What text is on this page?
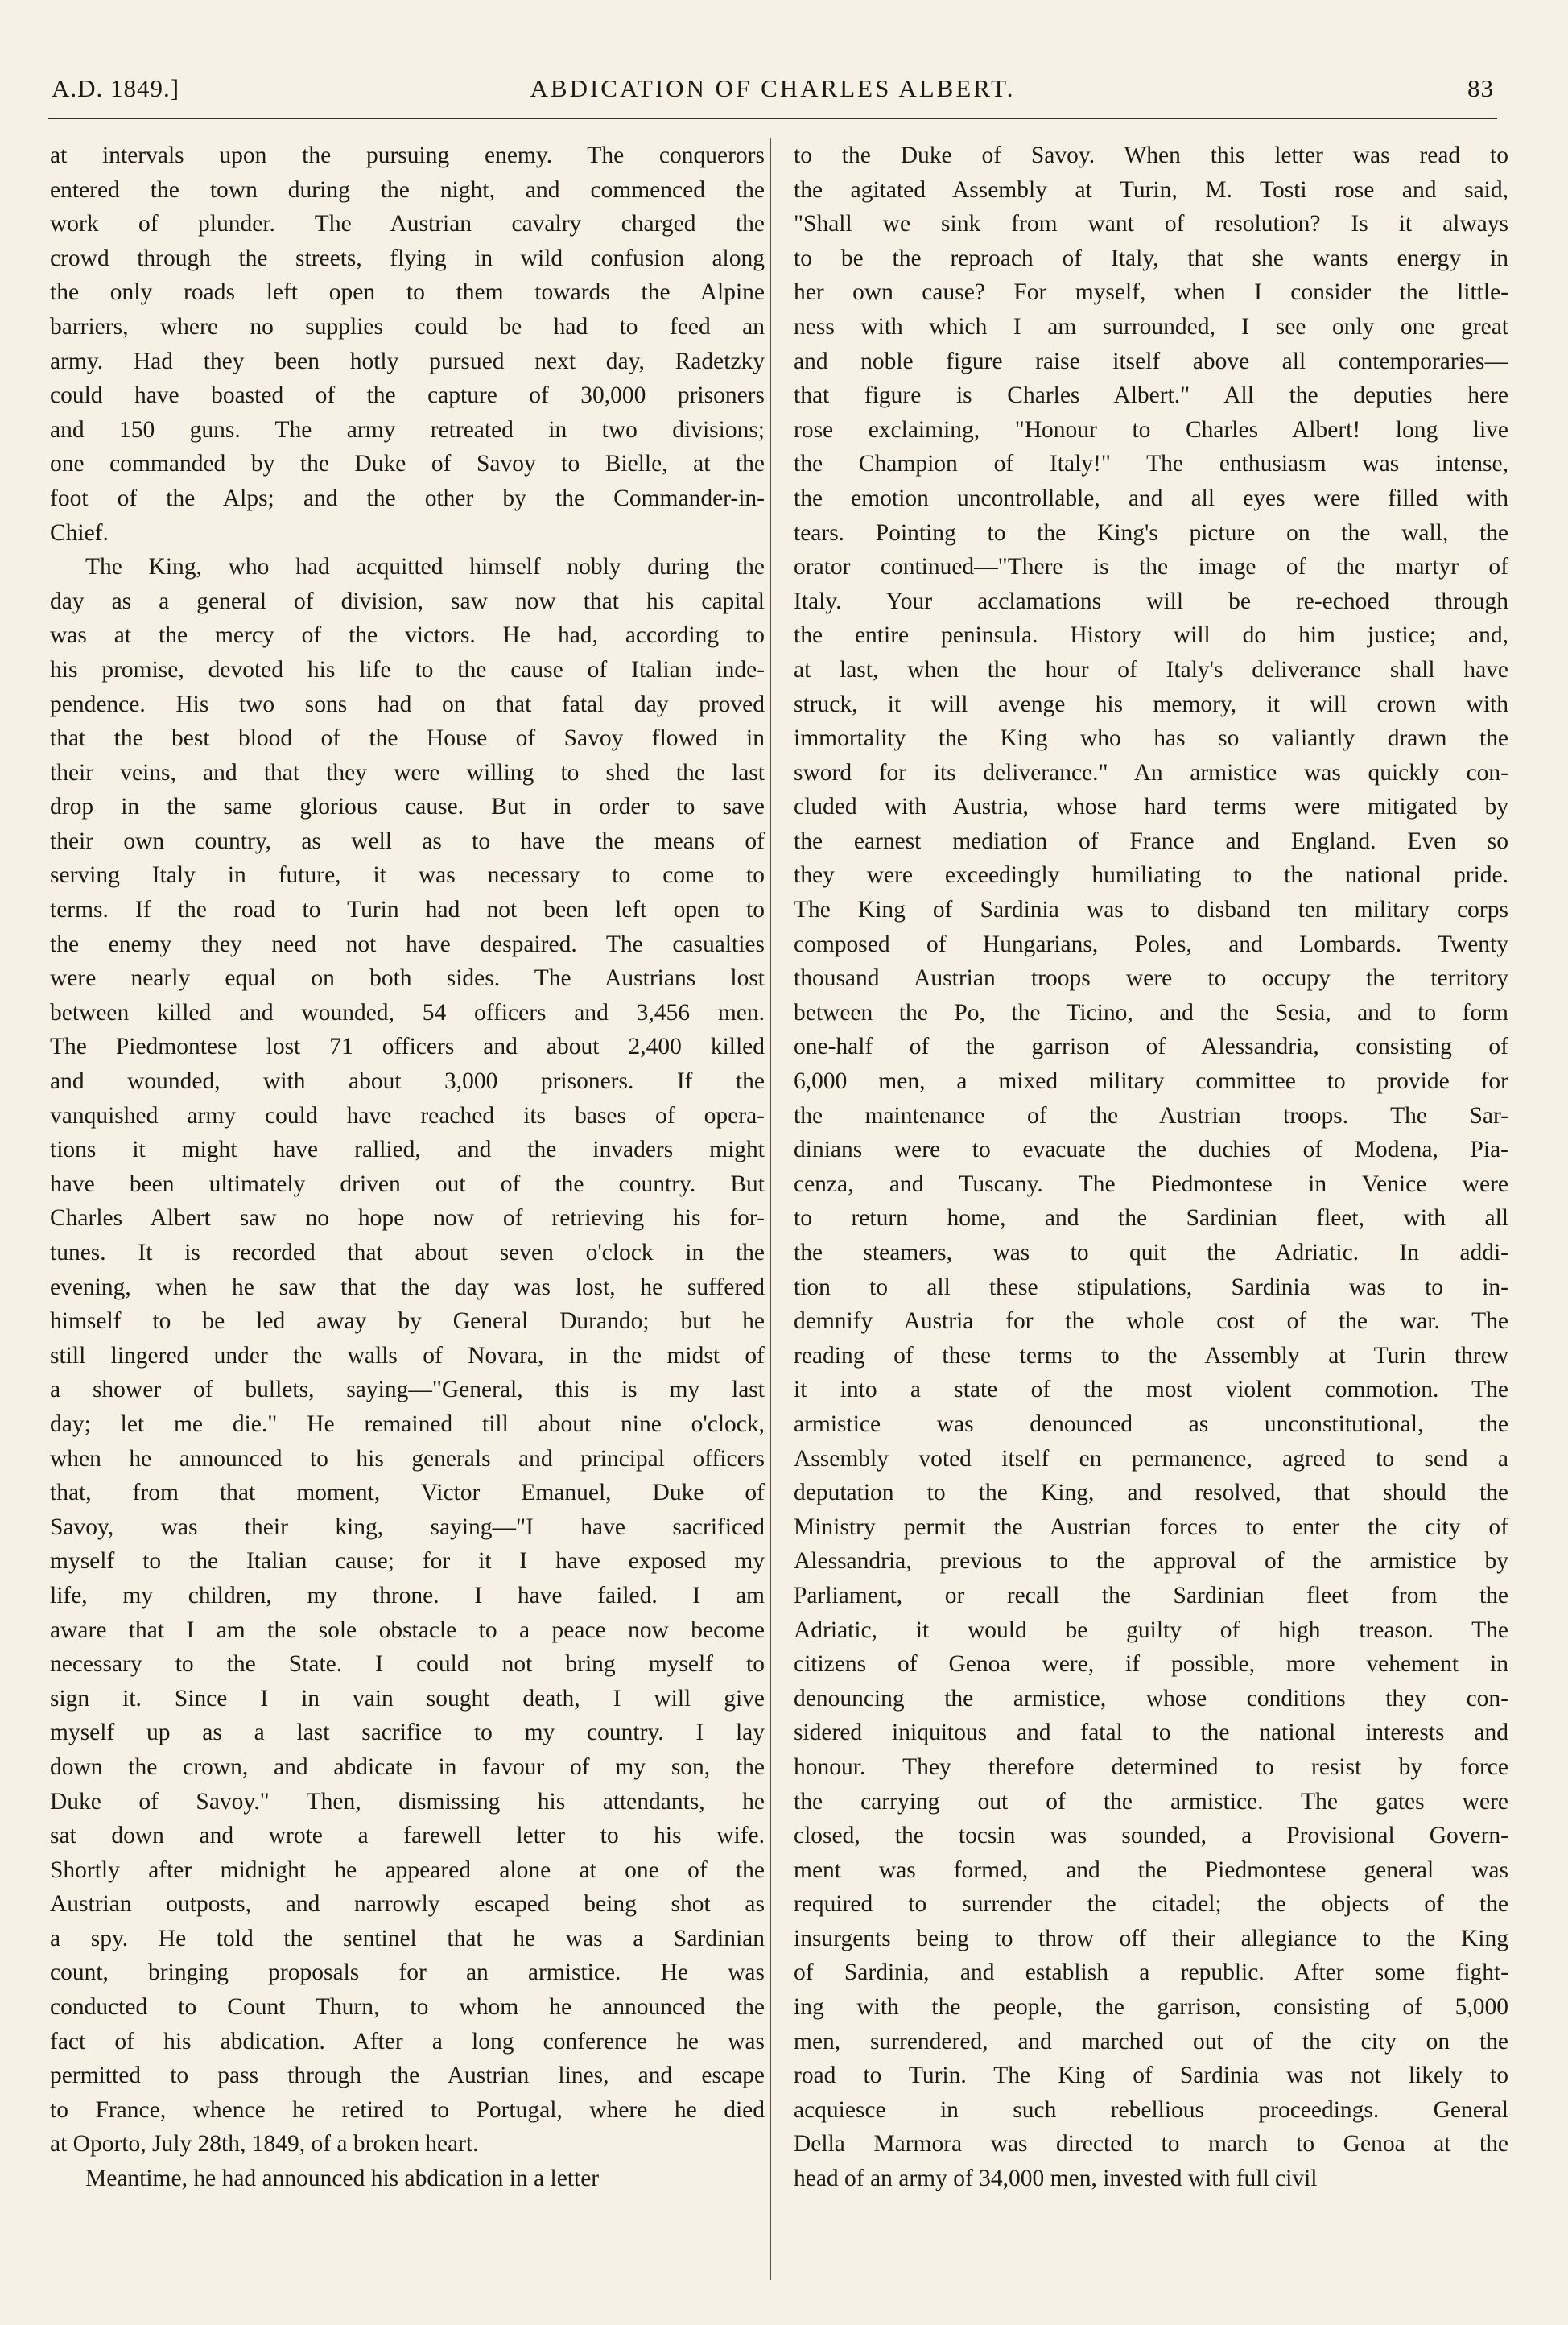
A.D. 1849.]	ABDICATION OF CHARLES ALBERT.	83
at intervals upon the pursuing enemy. The conquerors
entered the town during the night, and commenced the
work of plunder. The Austrian cavalry charged the
crowd through the streets, flying in wild confusion along
the only roads left open to them towards the Alpine
barriers, where no supplies could be had to feed an
army. Had they been hotly pursued next day, Radetzky
could have boasted of the capture of 30,000 prisoners
and 150 guns. The army retreated in two divisions;
one commanded by the Duke of Savoy to Bielle, at the
foot of the Alps; and the other by the Commander-in-
Chief.
The King, who had acquitted himself nobly during the
day as a general of division, saw now that his capital
was at the mercy of the victors. He had, according to
his promise, devoted his life to the cause of Italian inde-
pendence. His two sons had on that fatal day proved
that the best blood of the House of Savoy flowed in
their veins, and that they were willing to shed the last
drop in the same glorious cause. But in order to save
their own country, as well as to have the means of
serving Italy in future, it was necessary to come to
terms. If the road to Turin had not been left open to
the enemy they need not have despaired. The casualties
were nearly equal on both sides. The Austrians lost
between killed and wounded, 54 officers and 3,456 men.
The Piedmontese lost 71 officers and about 2,400 killed
and wounded, with about 3,000 prisoners. If the
vanquished army could have reached its bases of opera-
tions it might have rallied, and the invaders might
have been ultimately driven out of the country. But
Charles Albert saw no hope now of retrieving his for-
tunes. It is recorded that about seven o'clock in the
evening, when he saw that the day was lost, he suffered
himself to be led away by General Durando; but he
still lingered under the walls of Novara, in the midst of
a shower of bullets, saying—"General, this is my last
day; let me die." He remained till about nine o'clock,
when he announced to his generals and principal officers
that, from that moment, Victor Emanuel, Duke of
Savoy, was their king, saying—"I have sacrificed
myself to the Italian cause; for it I have exposed my
life, my children, my throne. I have failed. I am
aware that I am the sole obstacle to a peace now become
necessary to the State. I could not bring myself to
sign it. Since I in vain sought death, I will give
myself up as a last sacrifice to my country. I lay
down the crown, and abdicate in favour of my son, the
Duke of Savoy." Then, dismissing his attendants, he
sat down and wrote a farewell letter to his wife.
Shortly after midnight he appeared alone at one of the
Austrian outposts, and narrowly escaped being shot as
a spy. He told the sentinel that he was a Sardinian
count, bringing proposals for an armistice. He was
conducted to Count Thurn, to whom he announced the
fact of his abdication. After a long conference he was
permitted to pass through the Austrian lines, and escape
to France, whence he retired to Portugal, where he died
at Oporto, July 28th, 1849, of a broken heart.
Meantime, he had announced his abdication in a letter
to the Duke of Savoy. When this letter was read to
the agitated Assembly at Turin, M. Tosti rose and said,
"Shall we sink from want of resolution? Is it always
to be the reproach of Italy, that she wants energy in
her own cause? For myself, when I consider the little-
ness with which I am surrounded, I see only one great
and noble figure raise itself above all contemporaries—
that figure is Charles Albert." All the deputies here
rose exclaiming, "Honour to Charles Albert! long live
the Champion of Italy!" The enthusiasm was intense,
the emotion uncontrollable, and all eyes were filled with
tears. Pointing to the King's picture on the wall, the
orator continued—"There is the image of the martyr of
Italy. Your acclamations will be re-echoed through
the entire peninsula. History will do him justice; and,
at last, when the hour of Italy's deliverance shall have
struck, it will avenge his memory, it will crown with
immortality the King who has so valiantly drawn the
sword for its deliverance." An armistice was quickly con-
cluded with Austria, whose hard terms were mitigated by
the earnest mediation of France and England. Even so
they were exceedingly humiliating to the national pride.
The King of Sardinia was to disband ten military corps
composed of Hungarians, Poles, and Lombards. Twenty
thousand Austrian troops were to occupy the territory
between the Po, the Ticino, and the Sesia, and to form
one-half of the garrison of Alessandria, consisting of
6,000 men, a mixed military committee to provide for
the maintenance of the Austrian troops. The Sar-
dinians were to evacuate the duchies of Modena, Pia-
cenza, and Tuscany. The Piedmontese in Venice were
to return home, and the Sardinian fleet, with all
the steamers, was to quit the Adriatic. In addi-
tion to all these stipulations, Sardinia was to in-
demnify Austria for the whole cost of the war. The
reading of these terms to the Assembly at Turin threw
it into a state of the most violent commotion. The
armistice was denounced as unconstitutional, the
Assembly voted itself en permanence, agreed to send a
deputation to the King, and resolved, that should the
Ministry permit the Austrian forces to enter the city of
Alessandria, previous to the approval of the armistice by
Parliament, or recall the Sardinian fleet from the
Adriatic, it would be guilty of high treason. The
citizens of Genoa were, if possible, more vehement in
denouncing the armistice, whose conditions they con-
sidered iniquitous and fatal to the national interests and
honour. They therefore determined to resist by force
the carrying out of the armistice. The gates were
closed, the tocsin was sounded, a Provisional Govern-
ment was formed, and the Piedmontese general was
required to surrender the citadel; the objects of the
insurgents being to throw off their allegiance to the King
of Sardinia, and establish a republic. After some fight-
ing with the people, the garrison, consisting of 5,000
men, surrendered, and marched out of the city on the
road to Turin. The King of Sardinia was not likely to
acquiesce in such rebellious proceedings. General
Della Marmora was directed to march to Genoa at the
head of an army of 34,000 men, invested with full civil
